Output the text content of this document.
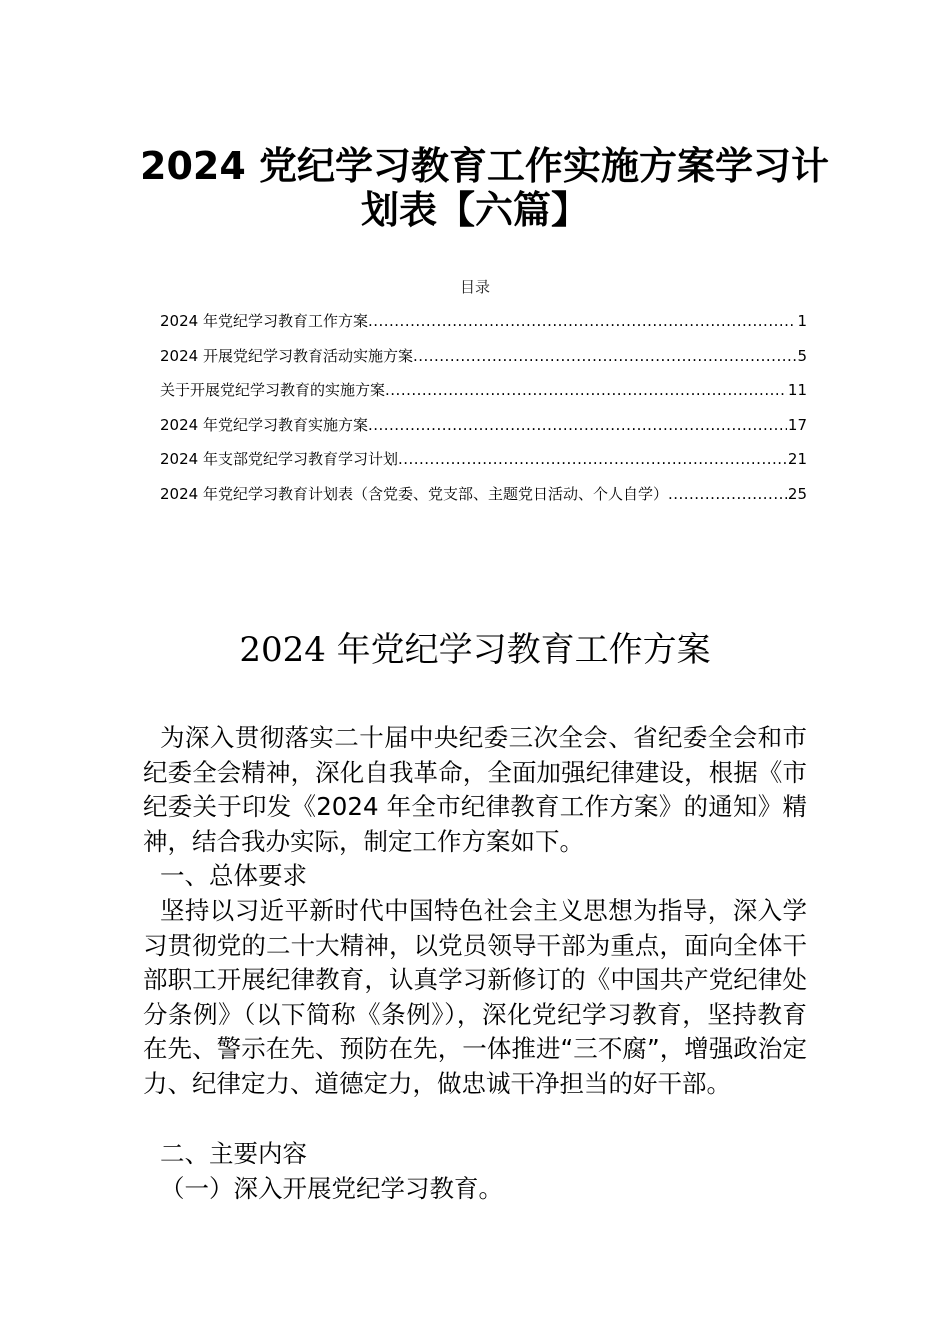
2024 党纪学习教育工作实施方案学习计
划表【六篇】
目录
2024 年党纪学习教育工作方案 .....	1
2024 开展党纪学习教育活动实施方案 .....	5
关于开展党纪学习教育的实施方案 .....	11
2024 年党纪学习教育实施方案 .....	17
2024 年支部党纪学习教育学习计划 .....	21
2024 年党纪学习教育计划表（含党委、党支部、主题党日活动、个人自学） .....	25
2024 年党纪学习教育工作方案

为深入贯彻落实二十届中央纪委三次全会、省纪委全会和市纪委全会精神，深化自我革命，全面加强纪律建设，根据《市纪委关于印发《2024 年全市纪律教育工作方案》的通知》精神，结合我办实际，制定工作方案如下。

一、总体要求

坚持以习近平新时代中国特色社会主义思想为指导，深入学习贯彻党的二十大精神，以党员领导干部为重点，面向全体干部职工开展纪律教育，认真学习新修订的《中国共产党纪律处分条例》（以下简称《条例》），深化党纪学习教育，坚持教育在先、警示在先、预防在先，一体推进“三不腐”，增强政治定力、纪律定力、道德定力，做忠诚干净担当的好干部。

二、主要内容

（一）深入开展党纪学习教育。
